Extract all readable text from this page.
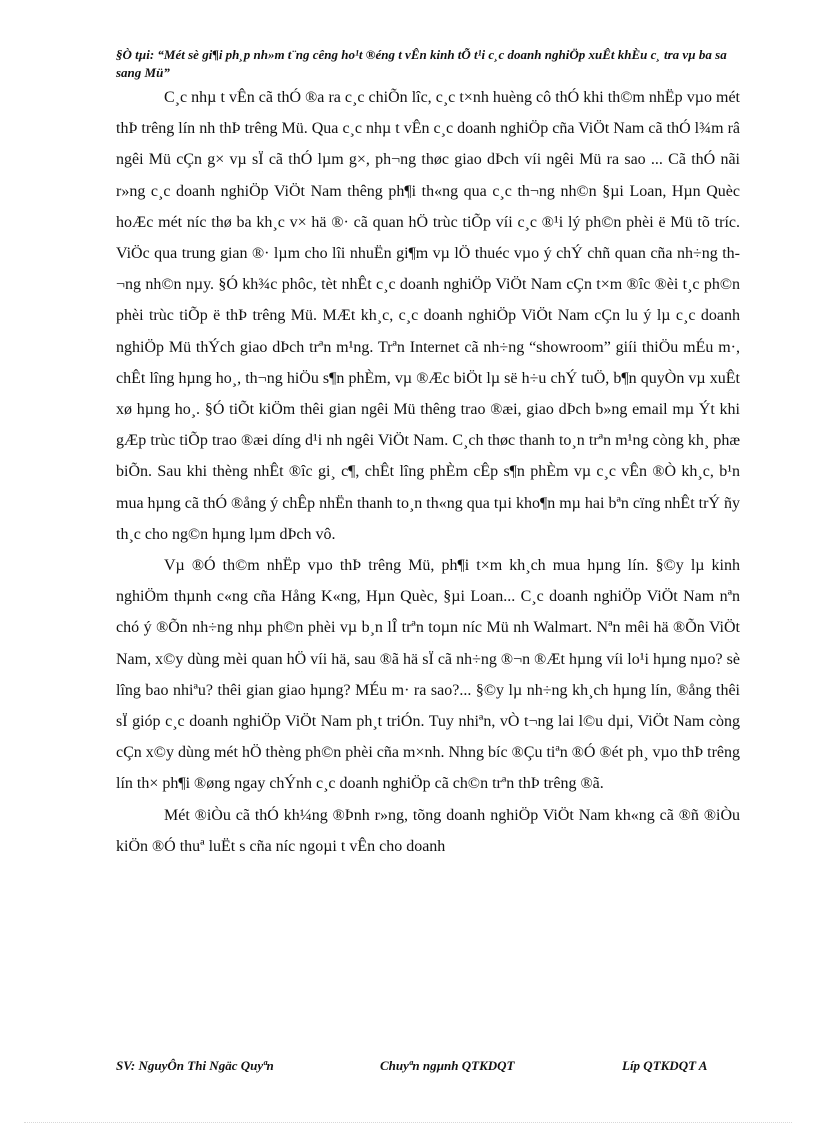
§Ò tµi: “Mét sè gi¶i ph¸p nh»m t¨ng cêng ho¹t ®éng t vÊn kinh tÕ t¹i c¸c doanh nghiÖp xuÊt khÈu c¸ tra vµ ba sa sang Mü”

C¸c nhµ t vÊn cã thÓ ®a ra c¸c chiÕn lîc, c¸c t×nh huèng cô thÓ khi th©m nhËp vµo mét thÞ trêng lín nh thÞ trêng Mü. Qua c¸c nhµ t vÊn c¸c doanh nghiÖp cña ViÖt Nam cã thÓ l¾m râ ngêi Mü cÇn g× vµ sÏ cã thÓ lµm g×, ph¬ng thøc giao dÞch víi ngêi Mü ra sao ... Cã thÓ nãi r»ng c¸c doanh nghiÖp ViÖt Nam thêng ph¶i th«ng qua c¸c th¬ng nh©n §µi Loan, Hµn Quèc hoÆc mét níc thø ba kh¸c v× hä ®· cã quan hÖ trùc tiÕp víi c¸c ®¹i lý ph©n phèi ë Mü tõ tríc. ViÖc qua trung gian ®· lµm cho lîi nhuËn gi¶m vµ lÖ thuéc vµo ý chÝ chñ quan cña nh÷ng th¬ng nh©n nµy. §Ó kh¾c phôc, tèt nhÊt c¸c doanh nghiÖp ViÖt Nam cÇn t×m ®îc ®èi t¸c ph©n phèi trùc tiÕp ë thÞ trêng Mü. MÆt kh¸c, c¸c doanh nghiÖp ViÖt Nam cÇn lu ý lµ c¸c doanh nghiÖp Mü thÝch giao dÞch trªn m¹ng. Trªn Internet cã nh÷ng “showroom” giíi thiÖu mÉu m·, chÊt lîng hµng ho¸, th¬ng hiÖu s¶n phÈm, vµ ®Æc biÖt lµ së h÷u chÝ tuÖ, b¶n quyÒn vµ xuÊt xø hµng ho¸. §Ó tiÕt kiÖm thêi gian ngêi Mü thêng trao ®æi, giao dÞch b»ng email mµ Ýt khi gÆp trùc tiÕp trao ®æi díng d¹i nh ngêi ViÖt Nam. C¸ch thøc thanh to¸n trªn m¹ng còng kh¸ phæ biÕn. Sau khi thèng nhÊt ®îc gi¸ c¶, chÊt lîng phÈm cÊp s¶n phÈm vµ c¸c vÊn ®Ò kh¸c, b¹n mua hµng cã thÓ ®ång ý chÊp nhËn thanh to¸n th«ng qua tµi kho¶n mµ hai bªn cïng nhÊt trÝ ñy th¸c cho ng©n hµng lµm dÞch vô.

Vµ ®Ó th©m nhËp vµo thÞ trêng Mü, ph¶i t×m kh¸ch mua hµng lín. §©y lµ kinh nghiÖm thµnh c«ng cña Hång K«ng, Hµn Quèc, §µi Loan... C¸c doanh nghiÖp ViÖt Nam nªn chó ý ®Õn nh÷ng nhµ ph©n phèi vµ b¸n lÎ trªn toµn níc Mü nh Walmart. Nªn mêi hä ®Õn ViÖt Nam, x©y dùng mèi quan hÖ víi hä, sau ®ã hä sÏ cã nh÷ng ®¬n ®Æt hµng víi lo¹i hµng nµo? sè lîng bao nhiªu? thêi gian giao hµng? MÉu m· ra sao?... §©y lµ nh÷ng kh¸ch hµng lín, ®ång thêi sÏ gióp c¸c doanh nghiÖp ViÖt Nam ph¸t triÓn. Tuy nhiªn, vÒ t¬ng lai l©u dµi, ViÖt Nam còng cÇn x©y dùng mét hÖ thèng ph©n phèi cña m×nh. Nhng bíc ®Çu tiªn ®Ó ®ét ph¸ vµo thÞ trêng lín th× ph¶i ®øng ngay chÝnh c¸c doanh nghiÖp cã ch©n trªn thÞ trêng ®ã.

Mét ®iÒu cã thÓ kh¼ng ®Þnh r»ng, tõng doanh nghiÖp ViÖt Nam kh«ng cã ®ñ ®iÒu kiÖn ®Ó thuª luËt s cña níc ngoµi t vÊn cho doanh

SV: NguyÔn Thi Ngäc Quyªn	Chuyªn ngµnh QTKDQT	Líp QTKDQT A
